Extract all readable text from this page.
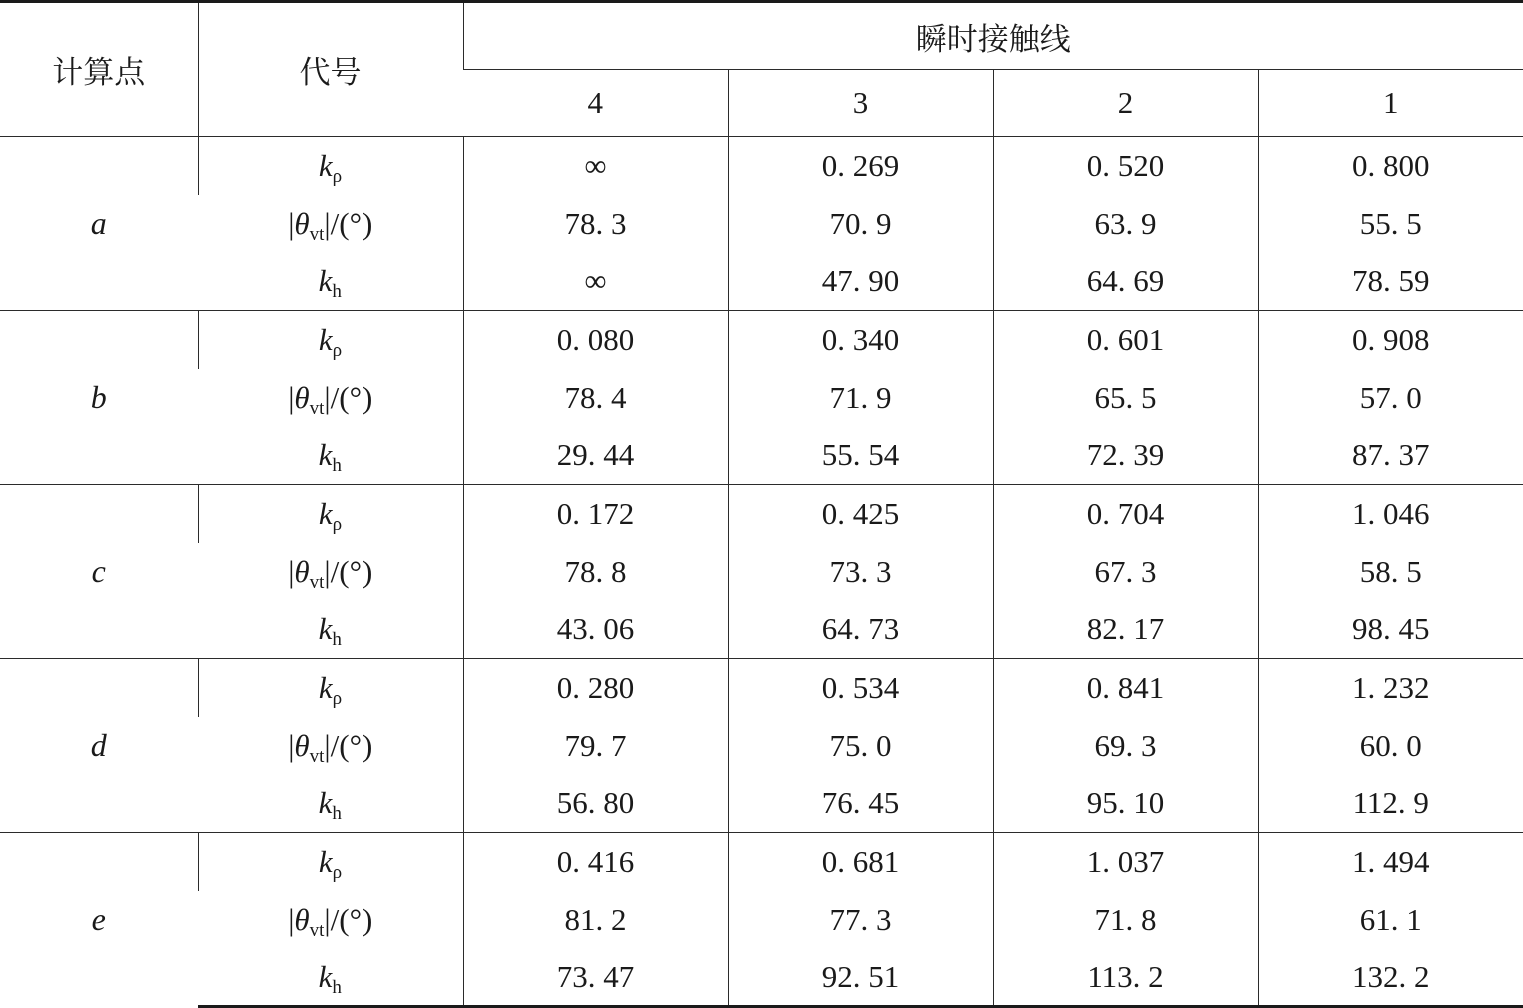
计算点	代号	瞬时接触线			
		4	3	2	1
a	$k_\rho$	∞	0. 269	0. 520	0. 800
	$|\theta_{vt}|/(^\circ)$	78. 3	70. 9	63. 9	55. 5
	$k_h$	∞	47. 90	64. 69	78. 59
b	$k_\rho$	0. 080	0. 340	0. 601	0. 908
	$|\theta_{vt}|/(^\circ)$	78. 4	71. 9	65. 5	57. 0
	$k_h$	29. 44	55. 54	72. 39	87. 37
c	$k_\rho$	0. 172	0. 425	0. 704	1. 046
	$|\theta_{vt}|/(^\circ)$	78. 8	73. 3	67. 3	58. 5
	$k_h$	43. 06	64. 73	82. 17	98. 45
d	$k_\rho$	0. 280	0. 534	0. 841	1. 232
	$|\theta_{vt}|/(^\circ)$	79. 7	75. 0	69. 3	60. 0
	$k_h$	56. 80	76. 45	95. 10	112. 9
e	$k_\rho$	0. 416	0. 681	1. 037	1. 494
	$|\theta_{vt}|/(^\circ)$	81. 2	77. 3	71. 8	61. 1
	$k_h$	73. 47	92. 51	113. 2	132. 2
